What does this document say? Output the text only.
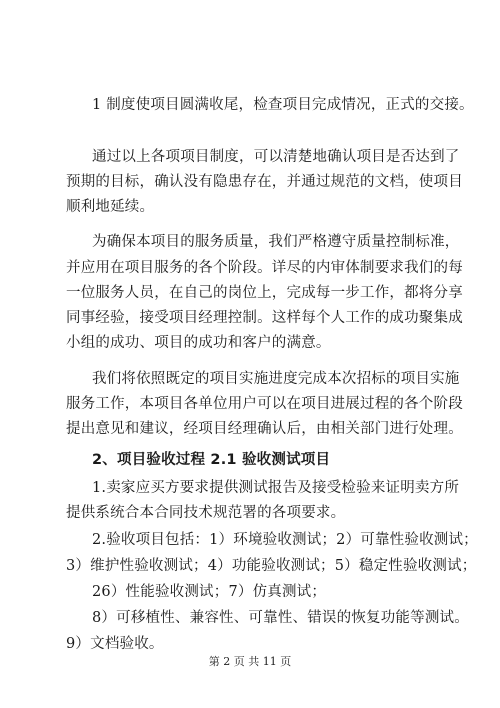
1 制度使项目圆满收尾，检查项目完成情况，正式的交接。
通过以上各项项目制度，可以清楚地确认项目是否达到了
预期的目标，确认没有隐患存在，并通过规范的文档，使项目
顺利地延续。
为确保本项目的服务质量，我们严格遵守质量控制标准，
并应用在项目服务的各个阶段。详尽的内审体制要求我们的每
一位服务人员，在自己的岗位上，完成每一步工作，都将分享
同事经验，接受项目经理控制。这样每个人工作的成功聚集成
小组的成功、项目的成功和客户的满意。
我们将依照既定的项目实施进度完成本次招标的项目实施
服务工作，本项目各单位用户可以在项目进展过程的各个阶段
提出意见和建议，经项目经理确认后，由相关部门进行处理。
2、项目验收过程 2.1 验收测试项目
1.卖家应买方要求提供测试报告及接受检验来证明卖方所
提供系统合本合同技术规范署的各项要求。
2.验收项目包括：1）环境验收测试；2）可靠性验收测试；
3）维护性验收测试；4）功能验收测试；5）稳定性验收测试；
26）性能验收测试；7）仿真测试；
8）可移植性、兼容性、可靠性、错误的恢复功能等测试。
9）文档验收。
第 2 页 共 11 页
